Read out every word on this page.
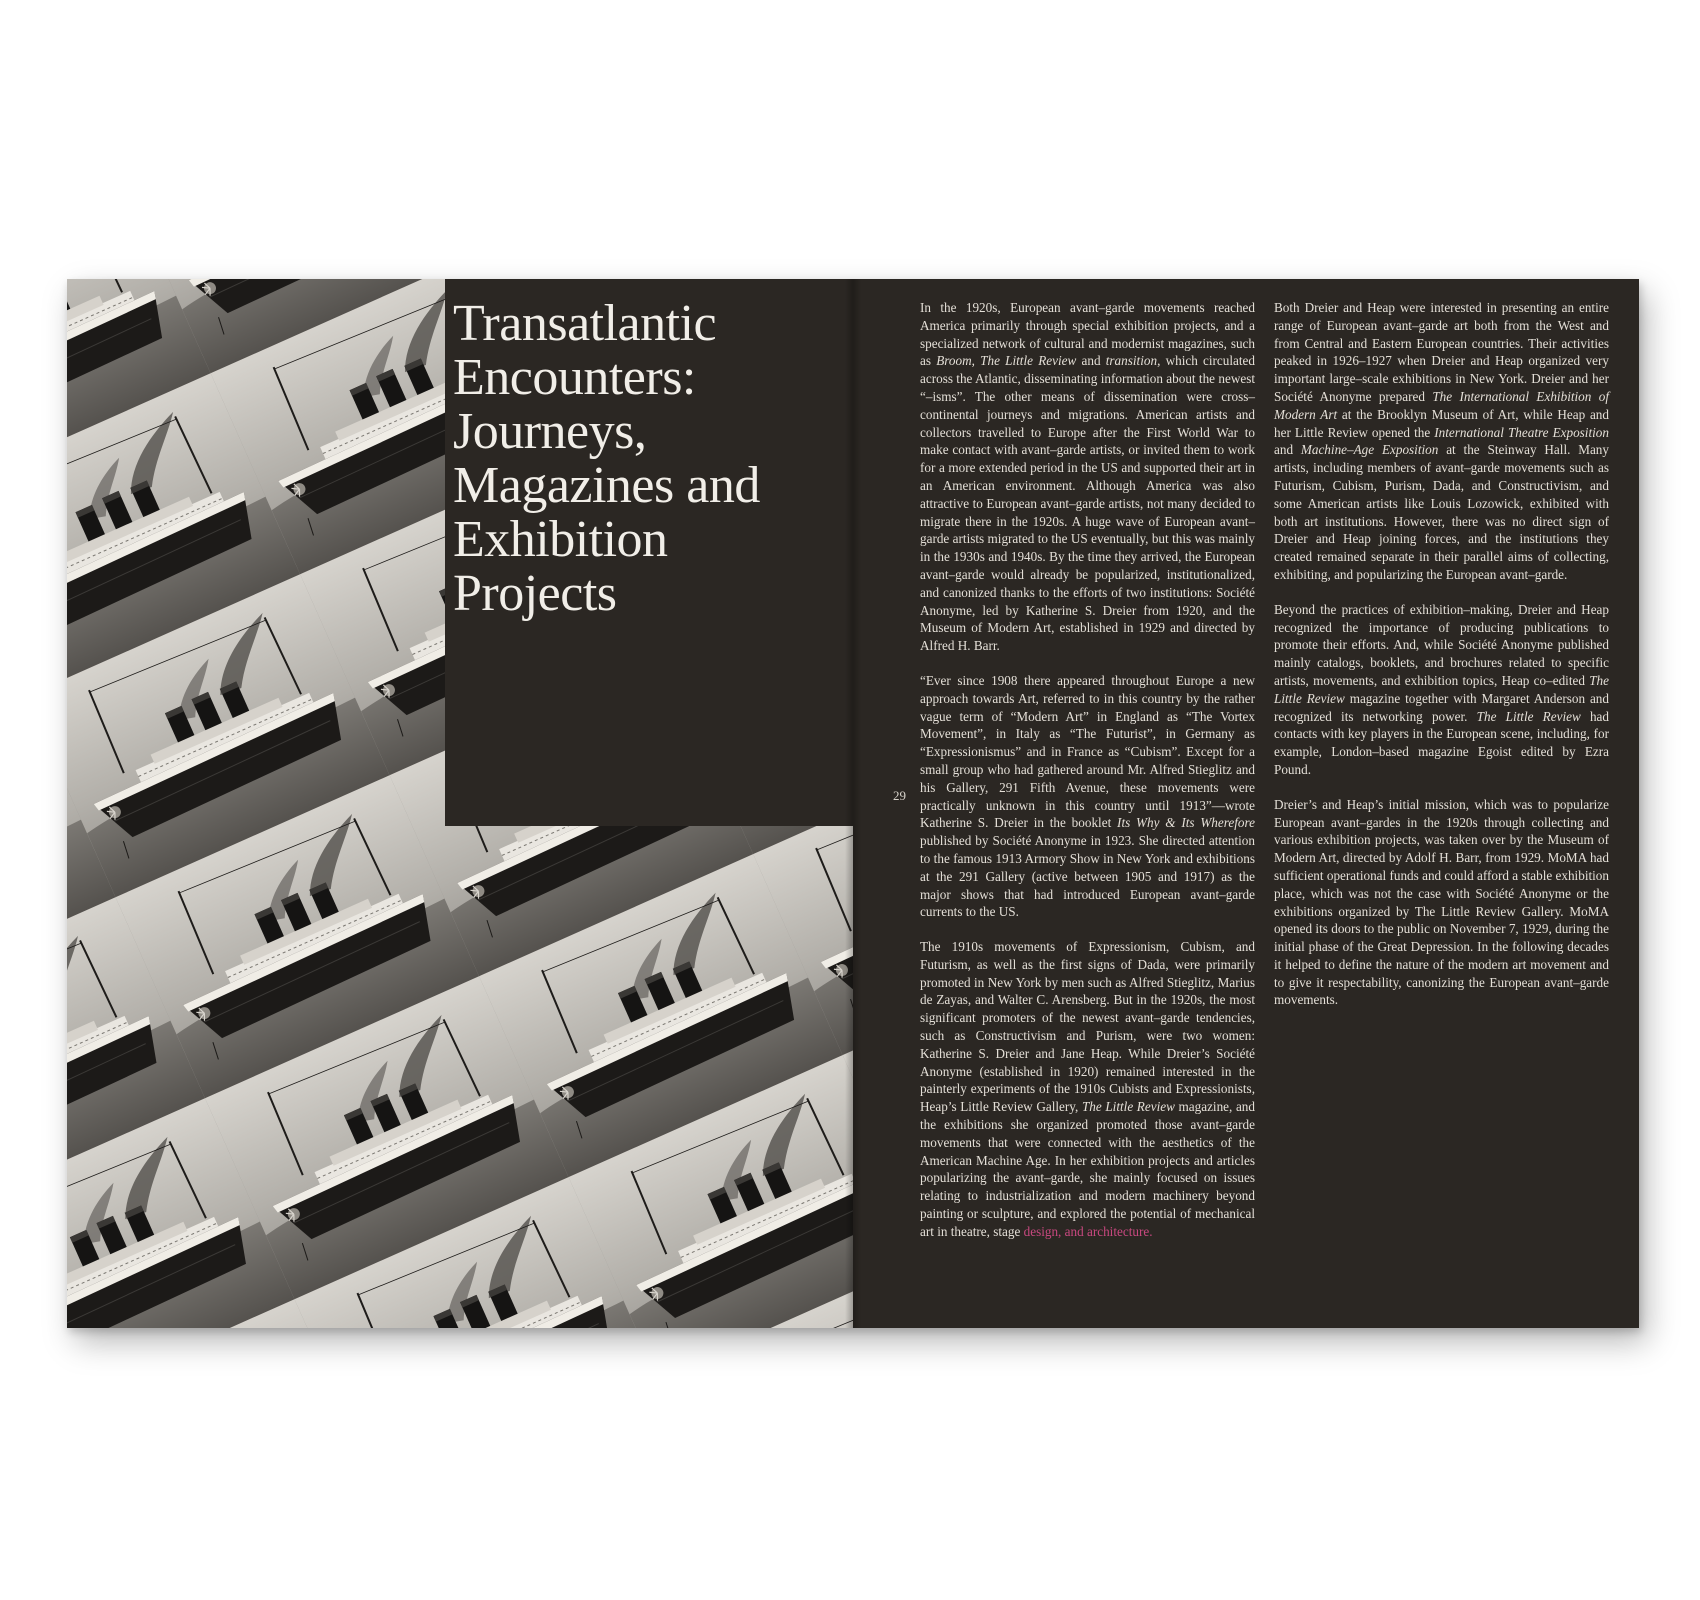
Transatlantic Encounters: Journeys, Magazines and Exhibition Projects

In the 1920s, European avant–garde movements reached America primarily through special exhibition projects, and a specialized network of cultural and modernist magazines, such as Broom, The Little Review and transition, which circulated across the Atlantic, disseminating information about the newest “–isms”. The other means of dissemination were cross–continental journeys and migrations. American artists and collectors travelled to Europe after the First World War to make contact with avant–garde artists, or invited them to work for a more extended period in the US and supported their art in an American environment. Although America was also attractive to European avant–garde artists, not many decided to migrate there in the 1920s. A huge wave of European avant–garde artists migrated to the US eventually, but this was mainly in the 1930s and 1940s. By the time they arrived, the European avant–garde would already be popularized, institutionalized, and canonized thanks to the efforts of two institutions: Société Anonyme, led by Katherine S. Dreier from 1920, and the Museum of Modern Art, established in 1929 and directed by Alfred H. Barr.

“Ever since 1908 there appeared throughout Europe a new approach towards Art, referred to in this country by the rather vague term of “Modern Art” in England as “The Vortex Movement”, in Italy as “The Futurist”, in Germany as “Expressionismus” and in France as “Cubism”. Except for a small group who had gathered around Mr. Alfred Stieglitz and his Gallery, 291 Fifth Avenue, these movements were practically unknown in this country until 1913”—wrote Katherine S. Dreier in the booklet Its Why & Its Wherefore published by Société Anonyme in 1923. She directed attention to the famous 1913 Armory Show in New York and exhibitions at the 291 Gallery (active between 1905 and 1917) as the major shows that had introduced European avant–garde currents to the US.

The 1910s movements of Expressionism, Cubism, and Futurism, as well as the first signs of Dada, were primarily promoted in New York by men such as Alfred Stieglitz, Marius de Zayas, and Walter C. Arensberg. But in the 1920s, the most significant promoters of the newest avant–garde tendencies, such as Constructivism and Purism, were two women: Katherine S. Dreier and Jane Heap. While Dreier’s Société Anonyme (established in 1920) remained interested in the painterly experiments of the 1910s Cubists and Expressionists, Heap’s Little Review Gallery, The Little Review magazine, and the exhibitions she organized promoted those avant–garde movements that were connected with the aesthetics of the American Machine Age. In her exhibition projects and articles popularizing the avant–garde, she mainly focused on issues relating to industrialization and modern machinery beyond painting or sculpture, and explored the potential of mechanical art in theatre, stage design, and architecture.

Both Dreier and Heap were interested in presenting an entire range of European avant–garde art both from the West and from Central and Eastern European countries. Their activities peaked in 1926–1927 when Dreier and Heap organized very important large–scale exhibitions in New York. Dreier and her Société Anonyme prepared The International Exhibition of Modern Art at the Brooklyn Museum of Art, while Heap and her Little Review opened the International Theatre Exposition and Machine–Age Exposition at the Steinway Hall. Many artists, including members of avant–garde movements such as Futurism, Cubism, Purism, Dada, and Constructivism, and some American artists like Louis Lozowick, exhibited with both art institutions. However, there was no direct sign of Dreier and Heap joining forces, and the institutions they created remained separate in their parallel aims of collecting, exhibiting, and popularizing the European avant–garde.

Beyond the practices of exhibition–making, Dreier and Heap recognized the importance of producing publications to promote their efforts. And, while Société Anonyme published mainly catalogs, booklets, and brochures related to specific artists, movements, and exhibition topics, Heap co–edited The Little Review magazine together with Margaret Anderson and recognized its networking power. The Little Review had contacts with key players in the European scene, including, for example, London–based magazine Egoist edited by Ezra Pound.

Dreier’s and Heap’s initial mission, which was to popularize European avant–gardes in the 1920s through collecting and various exhibition projects, was taken over by the Museum of Modern Art, directed by Adolf H. Barr, from 1929. MoMA had sufficient operational funds and could afford a stable exhibition place, which was not the case with Société Anonyme or the exhibitions organized by The Little Review Gallery. MoMA opened its doors to the public on November 7, 1929, during the initial phase of the Great Depression. In the following decades it helped to define the nature of the modern art movement and to give it respectability, canonizing the European avant–garde movements.

29
